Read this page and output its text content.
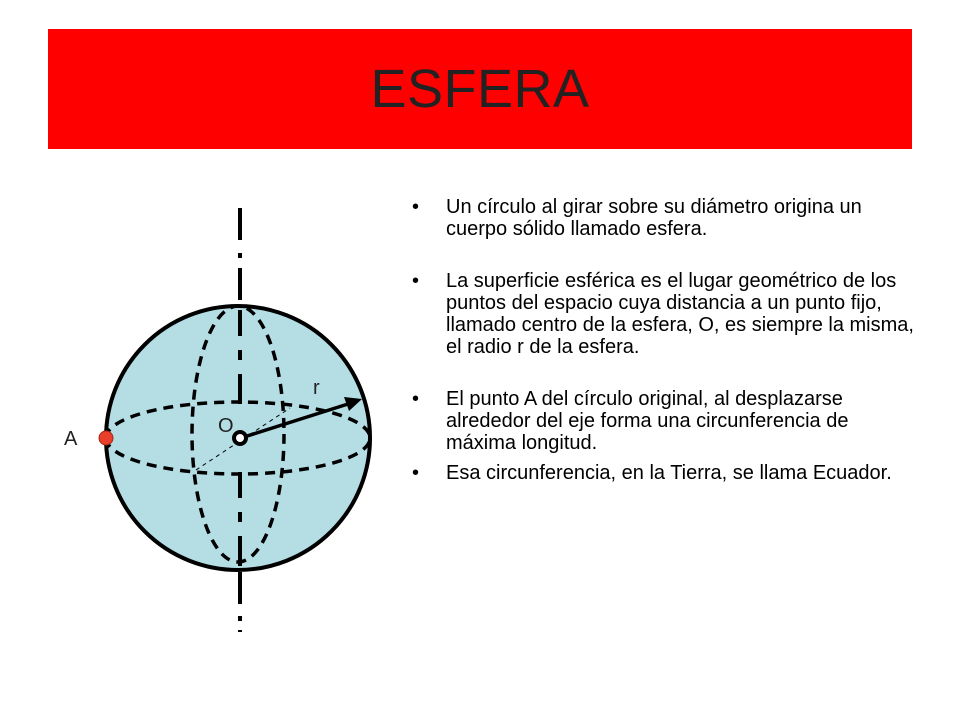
ESFERA
A
O
r
• Un círculo al girar sobre su diámetro origina un cuerpo sólido llamado esfera.
• La superficie esférica es el lugar geométrico de los puntos del espacio cuya distancia a un punto fijo, llamado centro de la esfera, O, es siempre la misma, el radio r de la esfera.
• El punto A del círculo original, al desplazarse alrededor del eje forma una circunferencia de máxima longitud.
• Esa circunferencia, en la Tierra, se llama Ecuador.
